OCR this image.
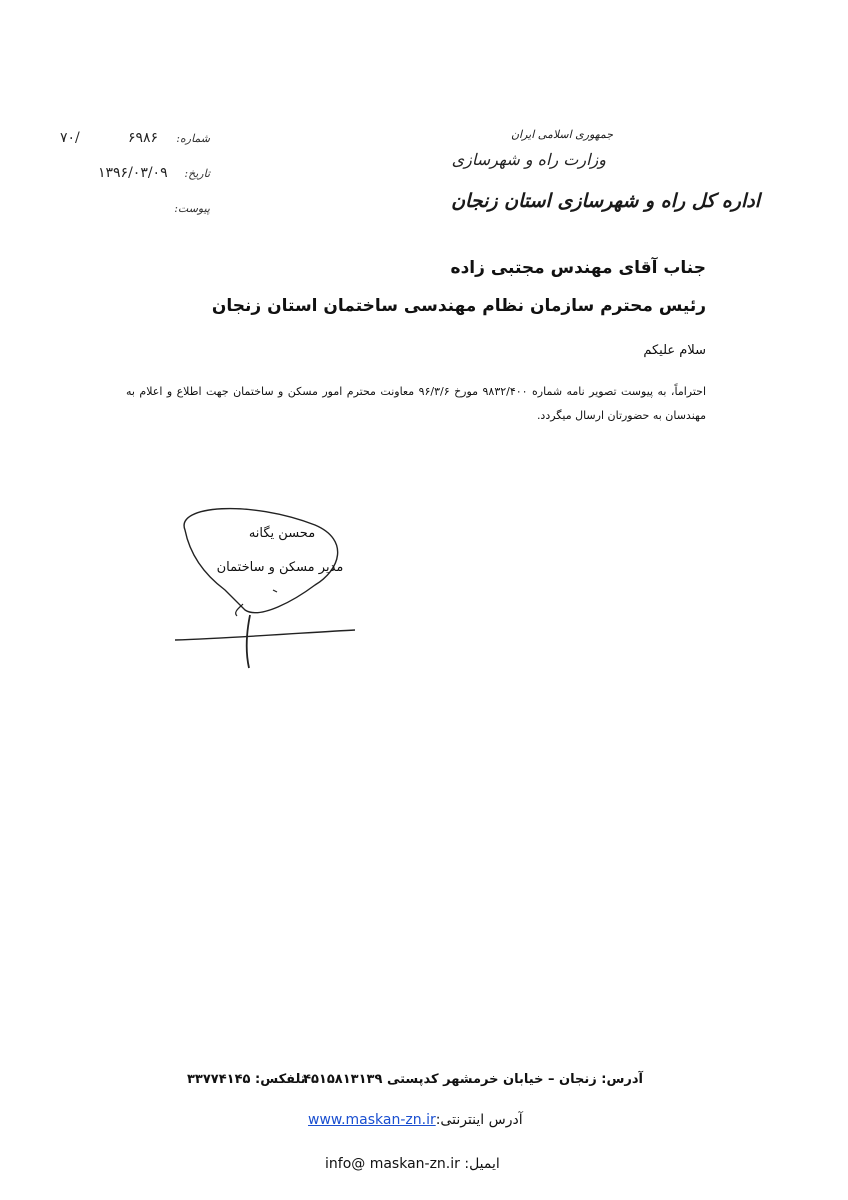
جمهوری اسلامی ایران
وزارت راه و شهرسازی
اداره کل راه و شهرسازی استان زنجان
۷۰/	۶۹۸۶ شماره:
۱۳۹۶/۰۳/۰۹ تاریخ:
پیوست:
جناب آقای مهندس مجتبی زاده
رئیس محترم سازمان نظام مهندسی ساختمان استان زنجان
سلام علیکم
احتراماً، به پیوست تصویر نامه شماره ۹۸۳۲/۴۰۰ مورخ ۹۶/۳/۶ معاونت محترم امور مسکن و ساختمان جهت اطلاع و اعلام به مهندسان به حضورتان ارسال میگردد.
محسن یگانه
مدیر مسکن و ساختمان
آدرس: زنجان – خیابان خرمشهر کدپستی ۴۵۱۵۸۱۳۱۳۹
تلفکس: ۳۳۷۷۴۱۴۵
www.maskan-zn.irآدرس اینترنتی:
info@ maskan-zn.ir ایمیل:
